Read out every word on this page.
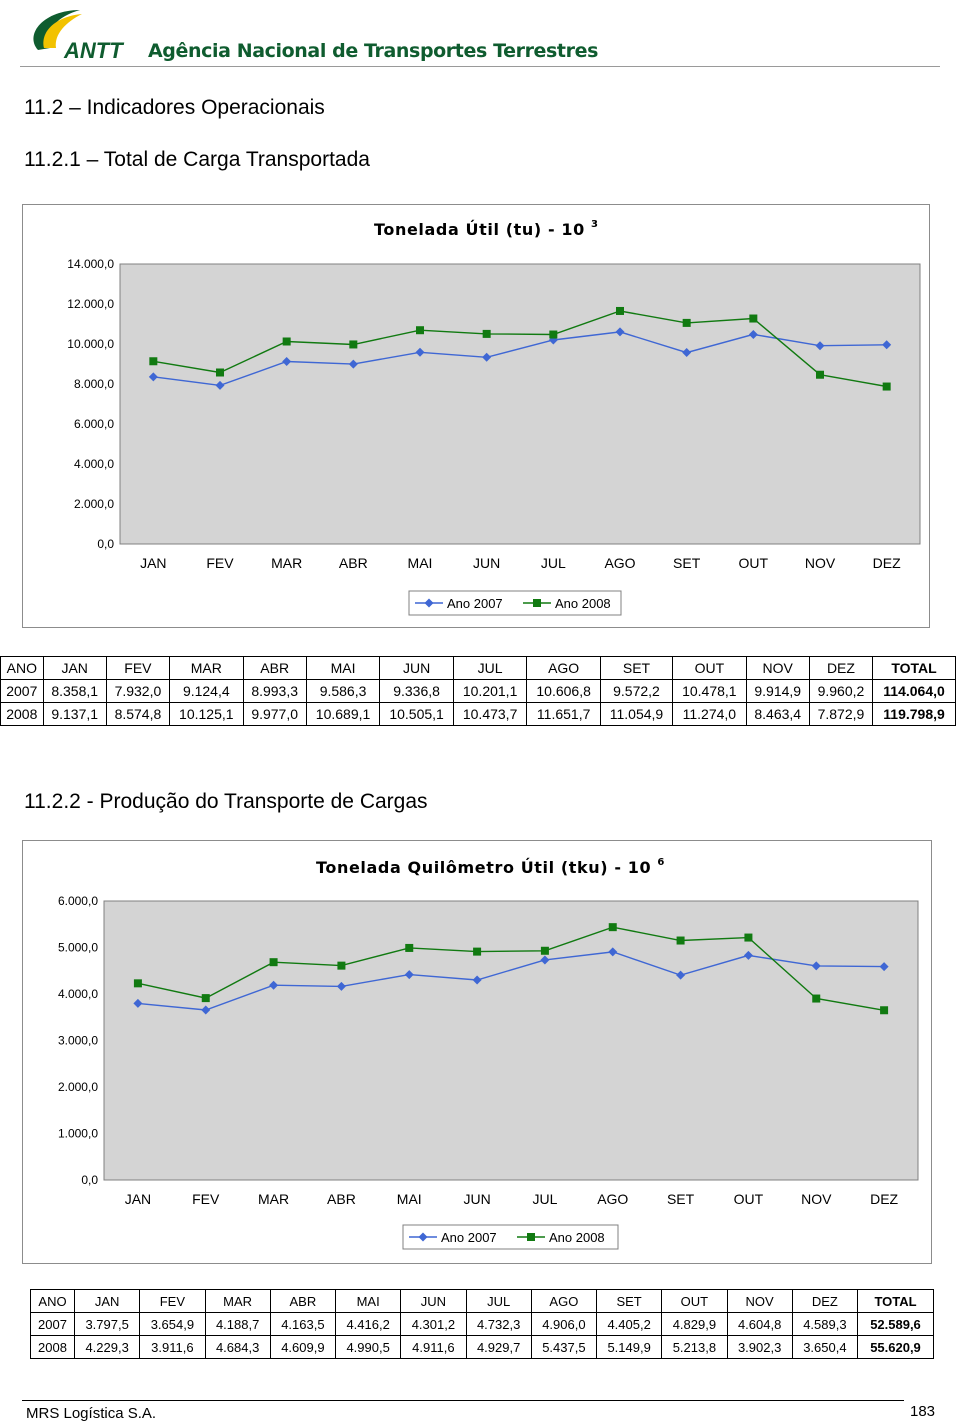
ANTT Agência Nacional de Transportes Terrestres
11.2 – Indicadores Operacionais
11.2.1 – Total de Carga Transportada
Tonelada Útil (tu) - 10 $^3$
0,0
2.000,0
4.000,0
6.000,0
8.000,0
10.000,0
12.000,0
14.000,0
JAN	FEV	MAR	ABR	MAI	JUN	JUL	AGO	SET	OUT	NOV	DEZ
Ano 2007	Ano 2008
ANO	JAN	FEV	MAR	ABR	MAI	JUN	JUL	AGO	SET	OUT	NOV	DEZ	TOTAL
2007	8.358,1	7.932,0	9.124,4	8.993,3	9.586,3	9.336,8	10.201,1	10.606,8	9.572,2	10.478,1	9.914,9	9.960,2	114.064,0
2008	9.137,1	8.574,8	10.125,1	9.977,0	10.689,1	10.505,1	10.473,7	11.651,7	11.054,9	11.274,0	8.463,4	7.872,9	119.798,9
11.2.2 - Produção do Transporte de Cargas
Tonelada Quilômetro Útil (tku) - 10 $^6$
0,0
1.000,0
2.000,0
3.000,0
4.000,0
5.000,0
6.000,0
JAN	FEV	MAR	ABR	MAI	JUN	JUL	AGO	SET	OUT	NOV	DEZ
Ano 2007	Ano 2008
ANO	JAN	FEV	MAR	ABR	MAI	JUN	JUL	AGO	SET	OUT	NOV	DEZ	TOTAL
2007	3.797,5	3.654,9	4.188,7	4.163,5	4.416,2	4.301,2	4.732,3	4.906,0	4.405,2	4.829,9	4.604,8	4.589,3	52.589,6
2008	4.229,3	3.911,6	4.684,3	4.609,9	4.990,5	4.911,6	4.929,7	5.437,5	5.149,9	5.213,8	3.902,3	3.650,4	55.620,9
MRS Logística S.A.	183
